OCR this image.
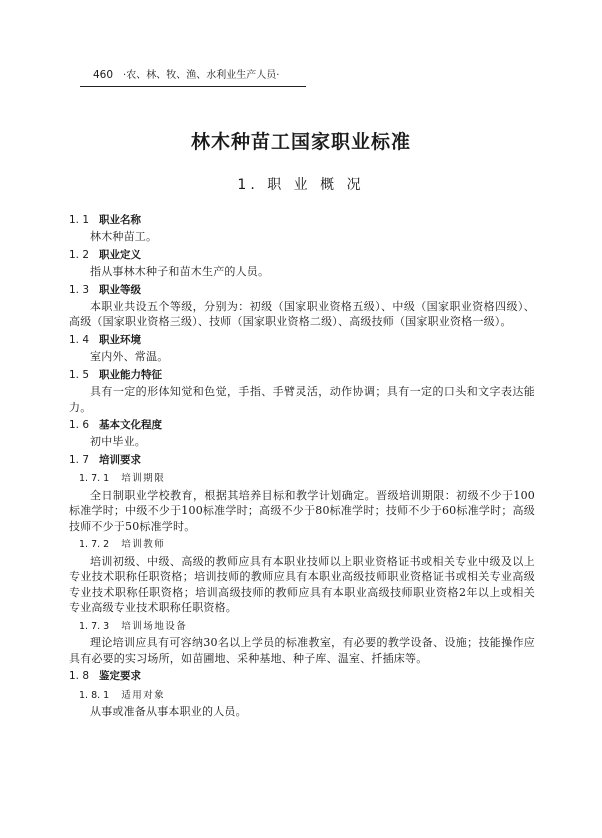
460 ·农、林、牧、渔、水利业生产人员·
林木种苗工国家职业标准
1. 职 业 概 况
1. 1 职业名称

林木种苗工。

1. 2 职业定义

指从事林木种子和苗木生产的人员。

1. 3 职业等级

本职业共设五个等级，分别为：初级（国家职业资格五级）、中级（国家职业资格四级）、高级（国家职业资格三级）、技师（国家职业资格二级）、高级技师（国家职业资格一级）。

1. 4 职业环境

室内外、常温。

1. 5 职业能力特征

具有一定的形体知觉和色觉，手指、手臂灵活，动作协调；具有一定的口头和文字表达能力。

1. 6 基本文化程度

初中毕业。

1. 7 培训要求
1. 7. 1 培训期限

全日制职业学校教育，根据其培养目标和教学计划确定。晋级培训期限：初级不少于100标准学时；中级不少于100标准学时；高级不少于80标准学时；技师不少于60标准学时；高级技师不少于50标准学时。

1. 7. 2 培训教师

培训初级、中级、高级的教师应具有本职业技师以上职业资格证书或相关专业中级及以上专业技术职称任职资格；培训技师的教师应具有本职业高级技师职业资格证书或相关专业高级专业技术职称任职资格；培训高级技师的教师应具有本职业高级技师职业资格2年以上或相关专业高级专业技术职称任职资格。

1. 7. 3 培训场地设备

理论培训应具有可容纳30名以上学员的标准教室，有必要的教学设备、设施；技能操作应具有必要的实习场所，如苗圃地、采种基地、种子库、温室、扦插床等。

1. 8 鉴定要求
1. 8. 1 适用对象

从事或准备从事本职业的人员。
